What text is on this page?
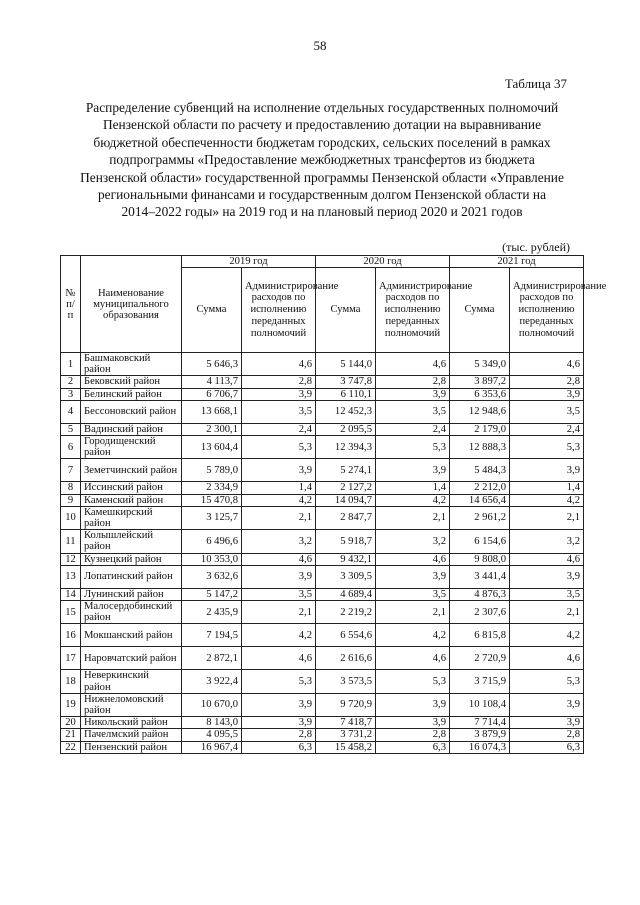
58
Таблица 37
Распределение субвенций на исполнение отдельных государственных полномочий Пензенской области по расчету и предоставлению дотации на выравнивание бюджетной обеспеченности бюджетам городских, сельских поселений в рамках подпрограммы «Предоставление межбюджетных трансфертов из бюджета Пензенской области» государственной программы Пензенской области «Управление региональными финансами и государственным долгом Пензенской области на 2014–2022 годы» на 2019 год и на плановый период 2020 и 2021 годов
(тыс. рублей)
№ п/п	Наименование муниципального образования	2019 год		2020 год		2021 год	
		Сумма	Администрирование расходов по исполнению переданных полномочий	Сумма	Администрирование расходов по исполнению переданных полномочий	Сумма	Администрирование расходов по исполнению переданных полномочий
1	Башмаковский район	5 646,3	4,6	5 144,0	4,6	5 349,0	4,6
2	Бековский район	4 113,7	2,8	3 747,8	2,8	3 897,2	2,8
3	Белинский район	6 706,7	3,9	6 110,1	3,9	6 353,6	3,9
4	Бессоновский район	13 668,1	3,5	12 452,3	3,5	12 948,6	3,5
5	Вадинский район	2 300,1	2,4	2 095,5	2,4	2 179,0	2,4
6	Городищенский район	13 604,4	5,3	12 394,3	5,3	12 888,3	5,3
7	Земетчинский район	5 789,0	3,9	5 274,1	3,9	5 484,3	3,9
8	Иссинский район	2 334,9	1,4	2 127,2	1,4	2 212,0	1,4
9	Каменский район	15 470,8	4,2	14 094,7	4,2	14 656,4	4,2
10	Камешкирский район	3 125,7	2,1	2 847,7	2,1	2 961,2	2,1
11	Колышлейский район	6 496,6	3,2	5 918,7	3,2	6 154,6	3,2
12	Кузнецкий район	10 353,0	4,6	9 432,1	4,6	9 808,0	4,6
13	Лопатинский район	3 632,6	3,9	3 309,5	3,9	3 441,4	3,9
14	Лунинский район	5 147,2	3,5	4 689,4	3,5	4 876,3	3,5
15	Малосердобинский район	2 435,9	2,1	2 219,2	2,1	2 307,6	2,1
16	Мокшанский район	7 194,5	4,2	6 554,6	4,2	6 815,8	4,2
17	Наровчатский район	2 872,1	4,6	2 616,6	4,6	2 720,9	4,6
18	Неверкинский район	3 922,4	5,3	3 573,5	5,3	3 715,9	5,3
19	Нижнеломовский район	10 670,0	3,9	9 720,9	3,9	10 108,4	3,9
20	Никольский район	8 143,0	3,9	7 418,7	3,9	7 714,4	3,9
21	Пачелмский район	4 095,5	2,8	3 731,2	2,8	3 879,9	2,8
22	Пензенский район	16 967,4	6,3	15 458,2	6,3	16 074,3	6,3
